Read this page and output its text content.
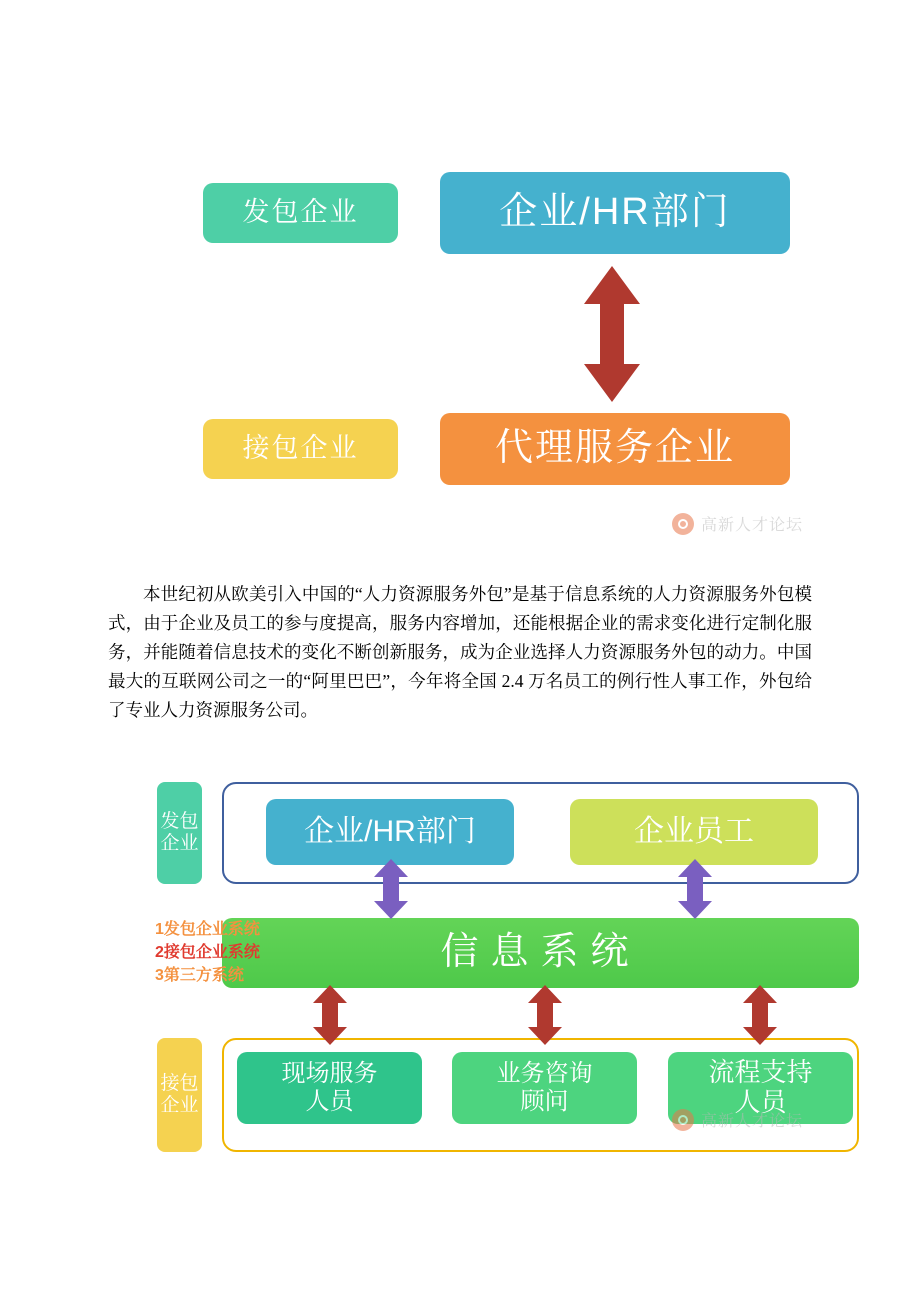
发包企业	企业/HR部门
接包企业	代理服务企业
高新人才论坛
本世纪初从欧美引入中国的“人力资源服务外包”是基于信息系统的人力资源服务外包模式，由于企业及员工的参与度提高，服务内容增加，还能根据企业的需求变化进行定制化服务，并能随着信息技术的变化不断创新服务，成为企业选择人力资源服务外包的动力。中国最大的互联网公司之一的“阿里巴巴”，今年将全国 2.4 万名员工的例行性人事工作，外包给了专业人力资源服务公司。
发包
企业
接包
企业
企业/HR部门	企业员工
信息系统
现场服务
人员
业务咨询
顾问
流程支持
人员
1发包企业系统
2接包企业系统
3第三方系统
高新人才论坛
